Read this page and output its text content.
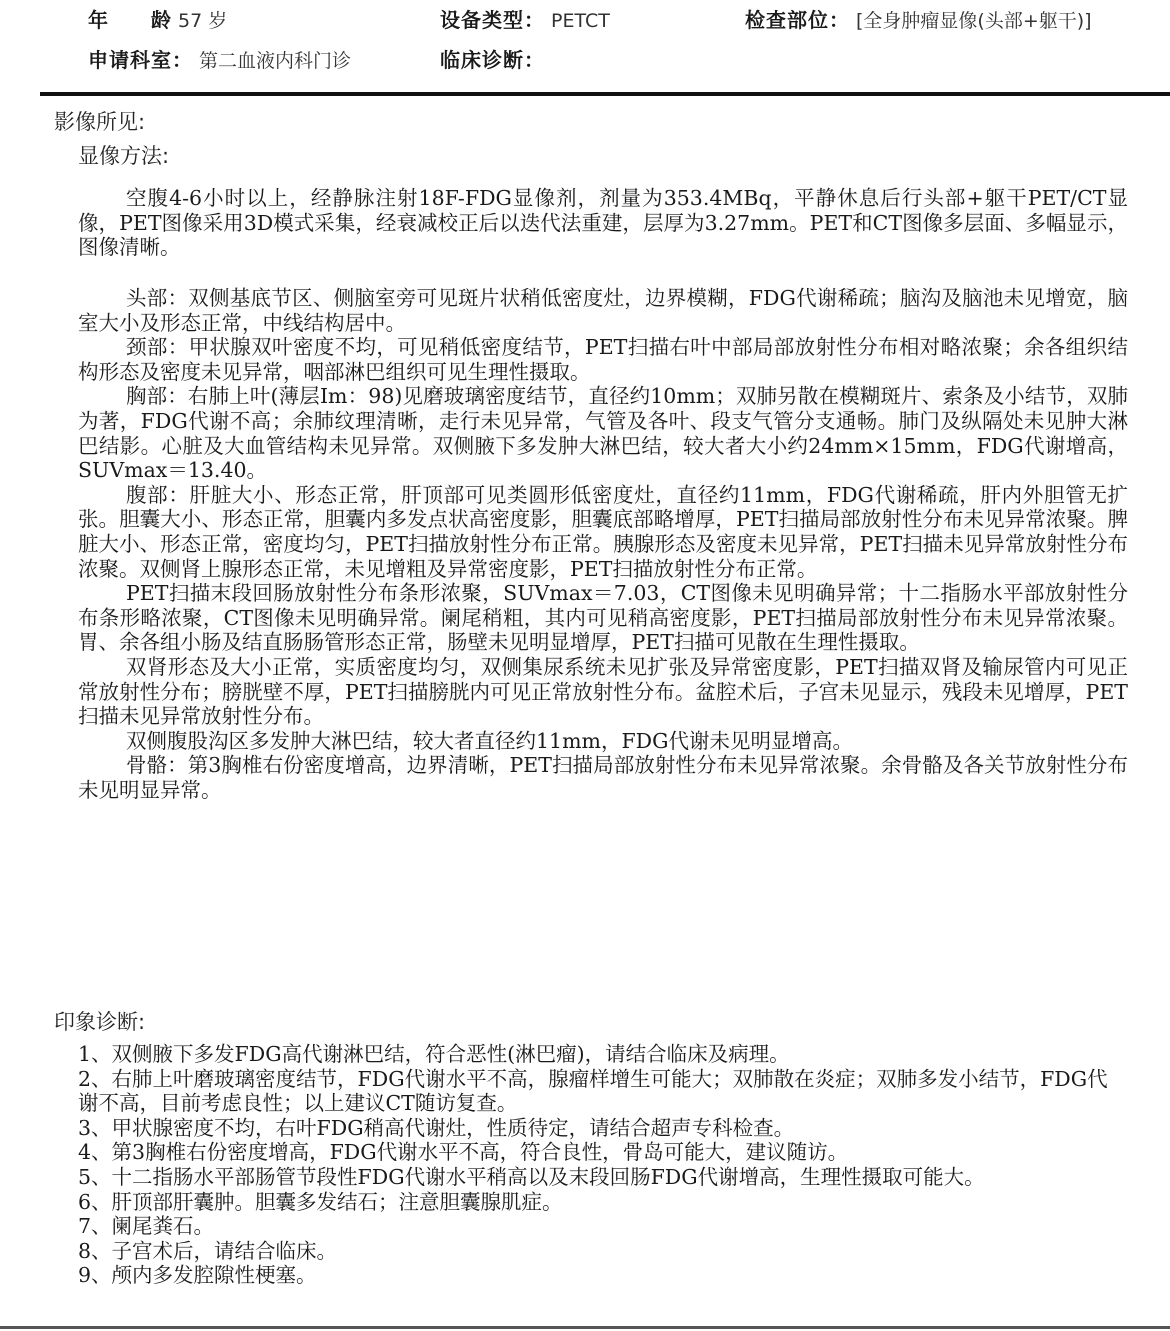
年　　龄 57 岁	设备类型： PETCT	检查部位： [全身肿瘤显像(头部+躯干)]
申请科室： 第二血液内科门诊	临床诊断：
影像所见:
显像方法:

空腹4-6小时以上，经静脉注射18F-FDG显像剂，剂量为353.4MBq，平静休息后行头部+躯干PET/CT显像，PET图像采用3D模式采集，经衰减校正后以迭代法重建，层厚为3.27mm。PET和CT图像多层面、多幅显示，图像清晰。

头部：双侧基底节区、侧脑室旁可见斑片状稍低密度灶，边界模糊，FDG代谢稀疏；脑沟及脑池未见增宽，脑室大小及形态正常，中线结构居中。

颈部：甲状腺双叶密度不均，可见稍低密度结节，PET扫描右叶中部局部放射性分布相对略浓聚；余各组织结构形态及密度未见异常，咽部淋巴组织可见生理性摄取。

胸部：右肺上叶(薄层Im：98)见磨玻璃密度结节，直径约10mm；双肺另散在模糊斑片、索条及小结节，双肺为著，FDG代谢不高；余肺纹理清晰，走行未见异常，气管及各叶、段支气管分支通畅。肺门及纵隔处未见肿大淋巴结影。心脏及大血管结构未见异常。双侧腋下多发肿大淋巴结，较大者大小约24mm×15mm，FDG代谢增高，SUVmax＝13.40。

腹部：肝脏大小、形态正常，肝顶部可见类圆形低密度灶，直径约11mm，FDG代谢稀疏，肝内外胆管无扩张。胆囊大小、形态正常，胆囊内多发点状高密度影，胆囊底部略增厚，PET扫描局部放射性分布未见异常浓聚。脾脏大小、形态正常，密度均匀，PET扫描放射性分布正常。胰腺形态及密度未见异常，PET扫描未见异常放射性分布浓聚。双侧肾上腺形态正常，未见增粗及异常密度影，PET扫描放射性分布正常。

PET扫描末段回肠放射性分布条形浓聚，SUVmax＝7.03，CT图像未见明确异常；十二指肠水平部放射性分布条形略浓聚，CT图像未见明确异常。阑尾稍粗，其内可见稍高密度影，PET扫描局部放射性分布未见异常浓聚。胃、余各组小肠及结直肠肠管形态正常，肠壁未见明显增厚，PET扫描可见散在生理性摄取。

双肾形态及大小正常，实质密度均匀，双侧集尿系统未见扩张及异常密度影，PET扫描双肾及输尿管内可见正常放射性分布；膀胱壁不厚，PET扫描膀胱内可见正常放射性分布。盆腔术后，子宫未见显示，残段未见增厚，PET扫描未见异常放射性分布。

双侧腹股沟区多发肿大淋巴结，较大者直径约11mm，FDG代谢未见明显增高。

骨骼：第3胸椎右份密度增高，边界清晰，PET扫描局部放射性分布未见异常浓聚。余骨骼及各关节放射性分布未见明显异常。

印象诊断:

1、双侧腋下多发FDG高代谢淋巴结，符合恶性(淋巴瘤)，请结合临床及病理。

2、右肺上叶磨玻璃密度结节，FDG代谢水平不高，腺瘤样增生可能大；双肺散在炎症；双肺多发小结节，FDG代谢不高，目前考虑良性；以上建议CT随访复查。

3、甲状腺密度不均，右叶FDG稍高代谢灶，性质待定，请结合超声专科检查。

4、第3胸椎右份密度增高，FDG代谢水平不高，符合良性，骨岛可能大，建议随访。

5、十二指肠水平部肠管节段性FDG代谢水平稍高以及末段回肠FDG代谢增高，生理性摄取可能大。

6、肝顶部肝囊肿。胆囊多发结石；注意胆囊腺肌症。

7、阑尾粪石。

8、子宫术后，请结合临床。

9、颅内多发腔隙性梗塞。
